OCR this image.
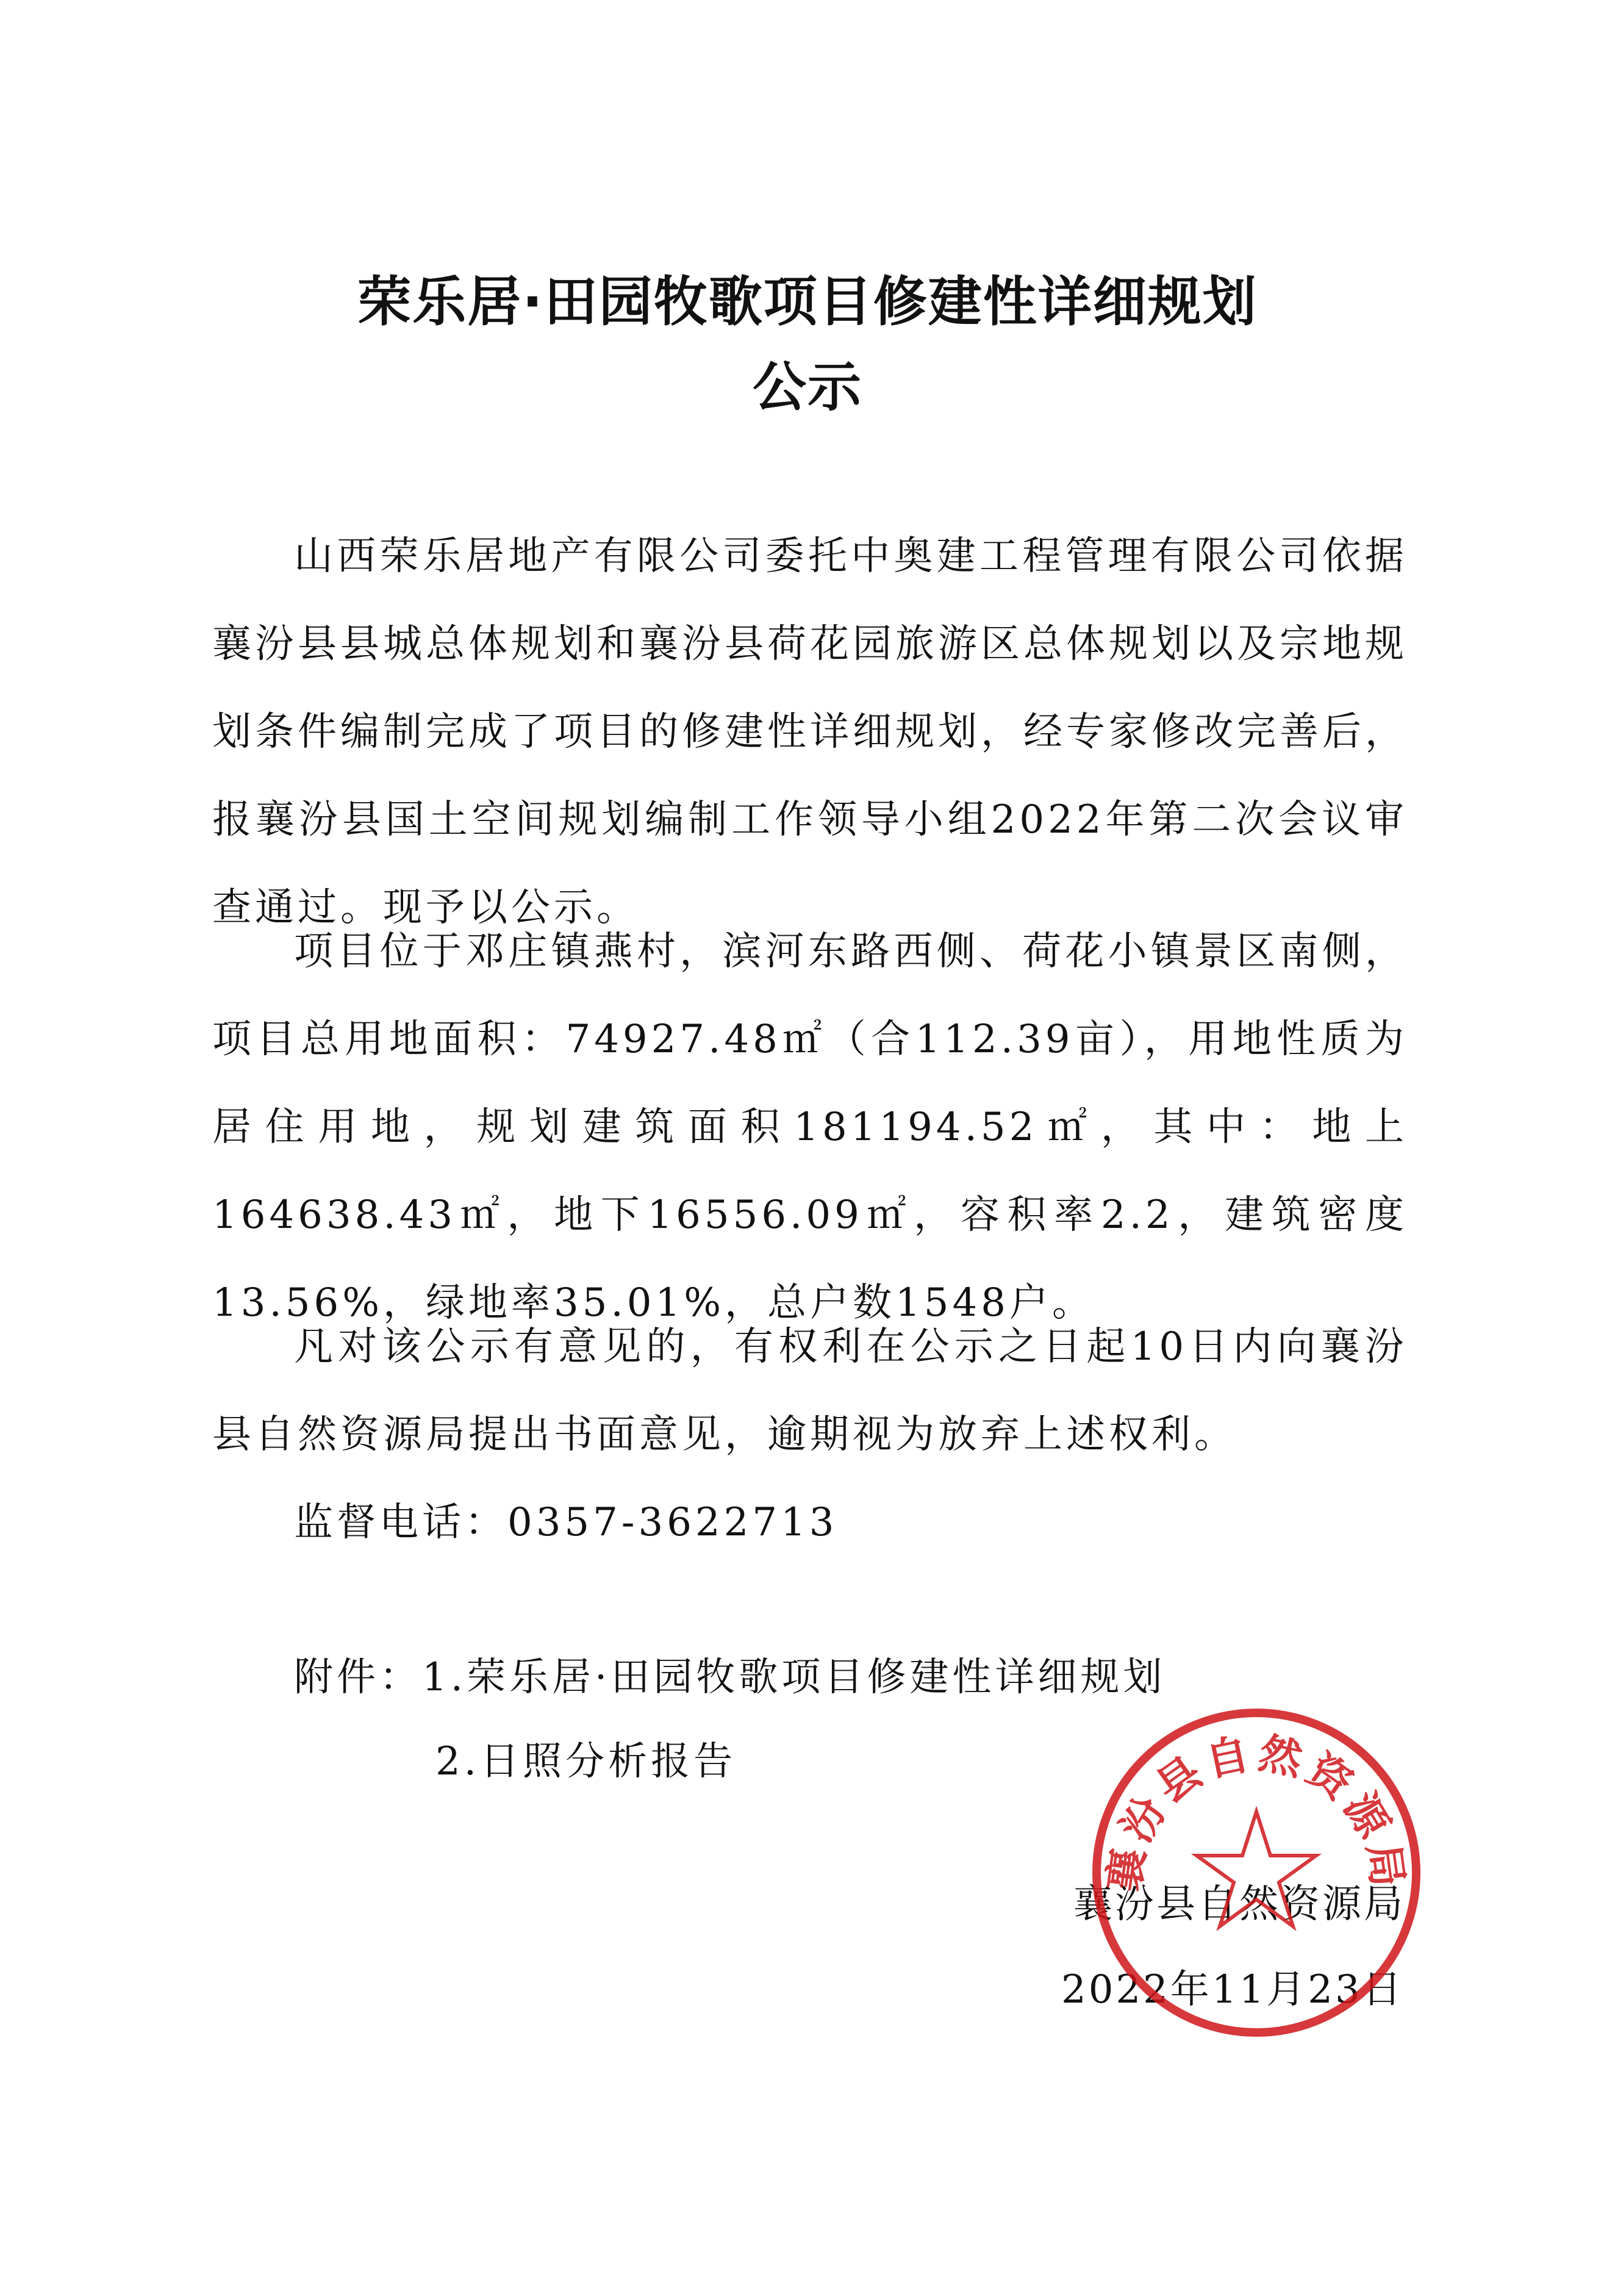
荣乐居·田园牧歌项目修建性详细规划
公示

山西荣乐居地产有限公司委托中奥建工程管理有限公司依据襄汾县县城总体规划和襄汾县荷花园旅游区总体规划以及宗地规划条件编制完成了项目的修建性详细规划，经专家修改完善后，报襄汾县国土空间规划编制工作领导小组2022年第二次会议审查通过。现予以公示。

项目位于邓庄镇燕村，滨河东路西侧、荷花小镇景区南侧，项目总用地面积：74927.48㎡（合112.39亩），用地性质为居住用地，规划建筑面积181194.52㎡，其中：地上164638.43㎡，地下16556.09㎡，容积率2.2，建筑密度13.56%，绿地率35.01%，总户数1548户。

凡对该公示有意见的，有权利在公示之日起10日内向襄汾县自然资源局提出书面意见，逾期视为放弃上述权利。

监督电话：0357-3622713

附件：1.荣乐居·田园牧歌项目修建性详细规划
2.日照分析报告
襄汾县自然资源局
2022年11月23日
襄汾县自然资源局
